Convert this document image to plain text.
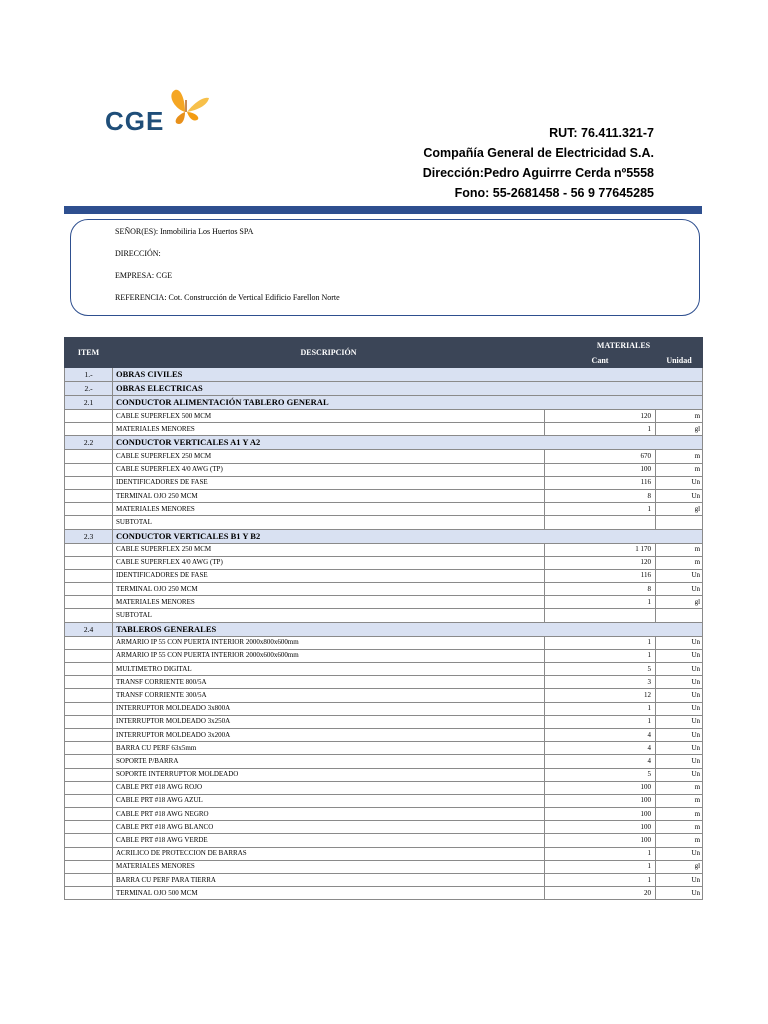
CGE	RUT: 76.411.321-7
Compañía General de Electricidad S.A.
Dirección:Pedro Aguirrre Cerda nº5558
Fono: 55-2681458 - 56 9 77645285
SEÑOR(ES): Inmobiliria Los Huertos SPA
DIRECCIÓN:
EMPRESA: CGE
REFERENCIA: Cot. Construcción de Vertical Edificio Farellon Norte
ITEM	DESCRIPCIÓN	MATERIALES	
		Cant	Unidad
1.-	OBRAS CIVILES		
2.-	OBRAS ELECTRICAS		
2.1	CONDUCTOR ALIMENTACIÓN TABLERO GENERAL		
	CABLE SUPERFLEX 500 MCM	120	m
	MATERIALES MENORES	1	gl
2.2	CONDUCTOR VERTICALES A1 Y A2		
	CABLE SUPERFLEX 250 MCM	670	m
	CABLE SUPERFLEX 4/0 AWG (TP)	100	m
	IDENTIFICADORES DE FASE	116	Un
	TERMINAL OJO 250 MCM	8	Un
	MATERIALES MENORES	1	gl
	SUBTOTAL		
2.3	CONDUCTOR VERTICALES B1 Y B2		
	CABLE SUPERFLEX 250 MCM	1 170	m
	CABLE SUPERFLEX 4/0 AWG (TP)	120	m
	IDENTIFICADORES DE FASE	116	Un
	TERMINAL OJO 250 MCM	8	Un
	MATERIALES MENORES	1	gl
	SUBTOTAL		
2.4	TABLEROS GENERALES		
	ARMARIO IP 55 CON PUERTA INTERIOR 2000x800x600mm	1	Un
	ARMARIO IP 55 CON PUERTA INTERIOR 2000x600x600mm	1	Un
	MULTIMETRO DIGITAL	5	Un
	TRANSF CORRIENTE 800/5A	3	Un
	TRANSF CORRIENTE 300/5A	12	Un
	INTERRUPTOR MOLDEADO 3x800A	1	Un
	INTERRUPTOR MOLDEADO 3x250A	1	Un
	INTERRUPTOR MOLDEADO 3x200A	4	Un
	BARRA CU PERF 63x5mm	4	Un
	SOPORTE P/BARRA	4	Un
	SOPORTE INTERRUPTOR MOLDEADO	5	Un
	CABLE PRT #18 AWG ROJO	100	m
	CABLE PRT #18 AWG AZUL	100	m
	CABLE PRT #18 AWG NEGRO	100	m
	CABLE PRT #18 AWG BLANCO	100	m
	CABLE PRT #18 AWG VERDE	100	m
	ACRILICO DE PROTECCION DE BARRAS	1	Un
	MATERIALES MENORES	1	gl
	BARRA CU PERF PARA TIERRA	1	Un
	TERMINAL OJO 500 MCM	20	Un
